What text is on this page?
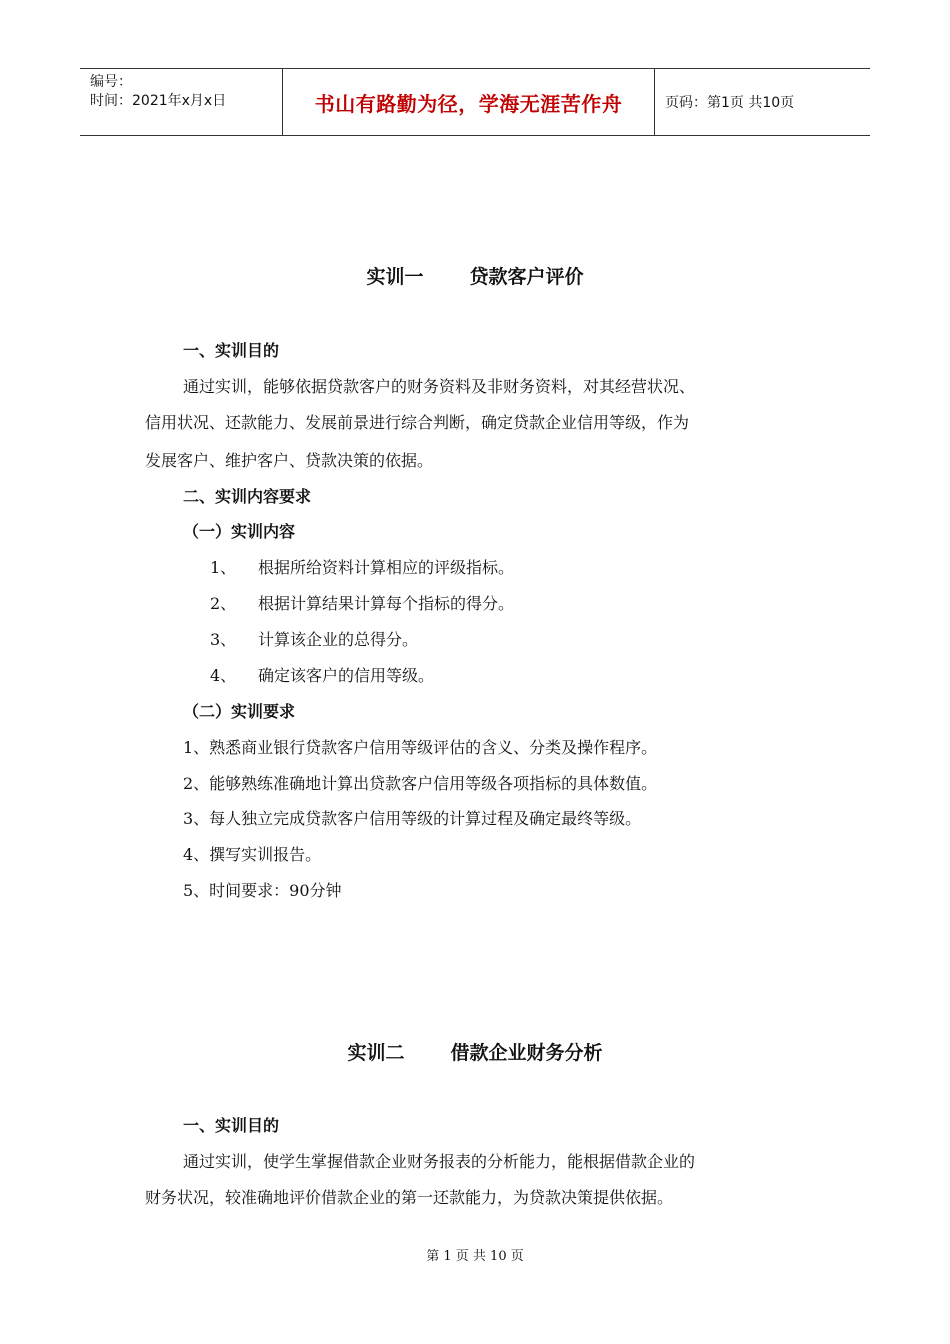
编号：
时间：2021年x月x日	书山有路勤为径，学海无涯苦作舟	页码：第1页 共10页
实训一 贷款客户评价
一、实训目的
通过实训，能够依据贷款客户的财务资料及非财务资料，对其经营状况、
信用状况、还款能力、发展前景进行综合判断，确定贷款企业信用等级，作为
发展客户、维护客户、贷款决策的依据。
二、实训内容要求
（一）实训内容
1、 根据所给资料计算相应的评级指标。
2、 根据计算结果计算每个指标的得分。
3、 计算该企业的总得分。
4、 确定该客户的信用等级。
（二）实训要求
1、熟悉商业银行贷款客户信用等级评估的含义、分类及操作程序。
2、能够熟练准确地计算出贷款客户信用等级各项指标的具体数值。
3、每人独立完成贷款客户信用等级的计算过程及确定最终等级。
4、撰写实训报告。
5、时间要求：90分钟
实训二 借款企业财务分析
一、实训目的
通过实训，使学生掌握借款企业财务报表的分析能力，能根据借款企业的
财务状况，较准确地评价借款企业的第一还款能力，为贷款决策提供依据。
第 1 页 共 10 页
